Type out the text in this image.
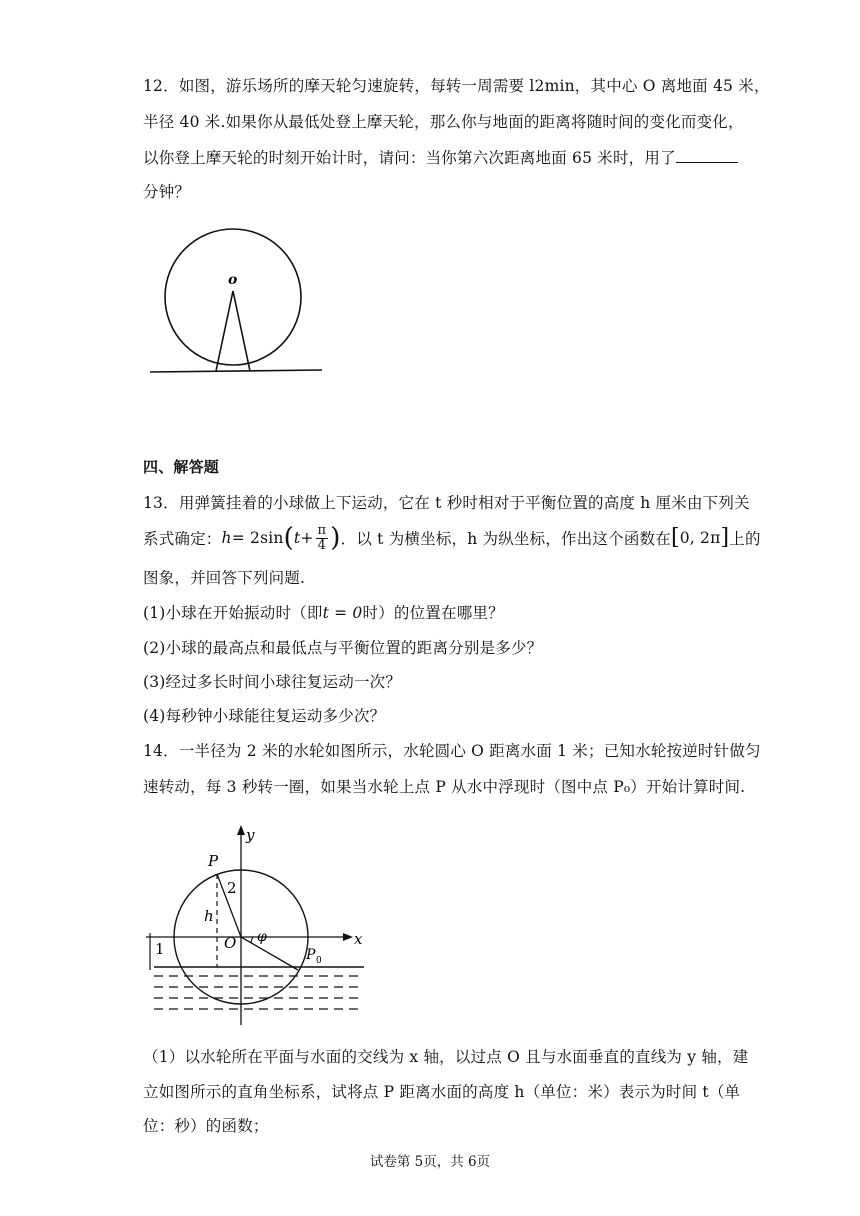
12．如图，游乐场所的摩天轮匀速旋转，每转一周需要 l2min，其中心 O 离地面 45 米，
半径 40 米.如果你从最低处登上摩天轮，那么你与地面的距离将随时间的变化而变化，
以你登上摩天轮的时刻开始计时，请问：当你第六次距离地面 65 米时，用了
分钟？
o
四、解答题
13．用弹簧挂着的小球做上下运动，它在 t 秒时相对于平衡位置的高度 h 厘米由下列关
系式确定： h = 2sin ( $t + \frac{\pi}{4}$ ) ．以 t 为横坐标，h 为纵坐标，作出这个函数在 [ 0, 2π ] 上的
图象，并回答下列问题.
(1)小球在开始振动时（即t = 0时）的位置在哪里？
(2)小球的最高点和最低点与平衡位置的距离分别是多少？
(3)经过多长时间小球往复运动一次？
(4)每秒钟小球能往复运动多少次？
14．一半径为 2 米的水轮如图所示，水轮圆心 O 距离水面 1 米；已知水轮按逆时针做匀
速转动，每 3 秒转一圈，如果当水轮上点 P 从水中浮现时（图中点 P₀）开始计算时间.
y
x
P
2
h
O φ
1	P 0
（1）以水轮所在平面与水面的交线为 x 轴，以过点 O 且与水面垂直的直线为 y 轴，建
立如图所示的直角坐标系，试将点 P 距离水面的高度 h（单位：米）表示为时间 t（单
位：秒）的函数；
试卷第 5页，共 6页
